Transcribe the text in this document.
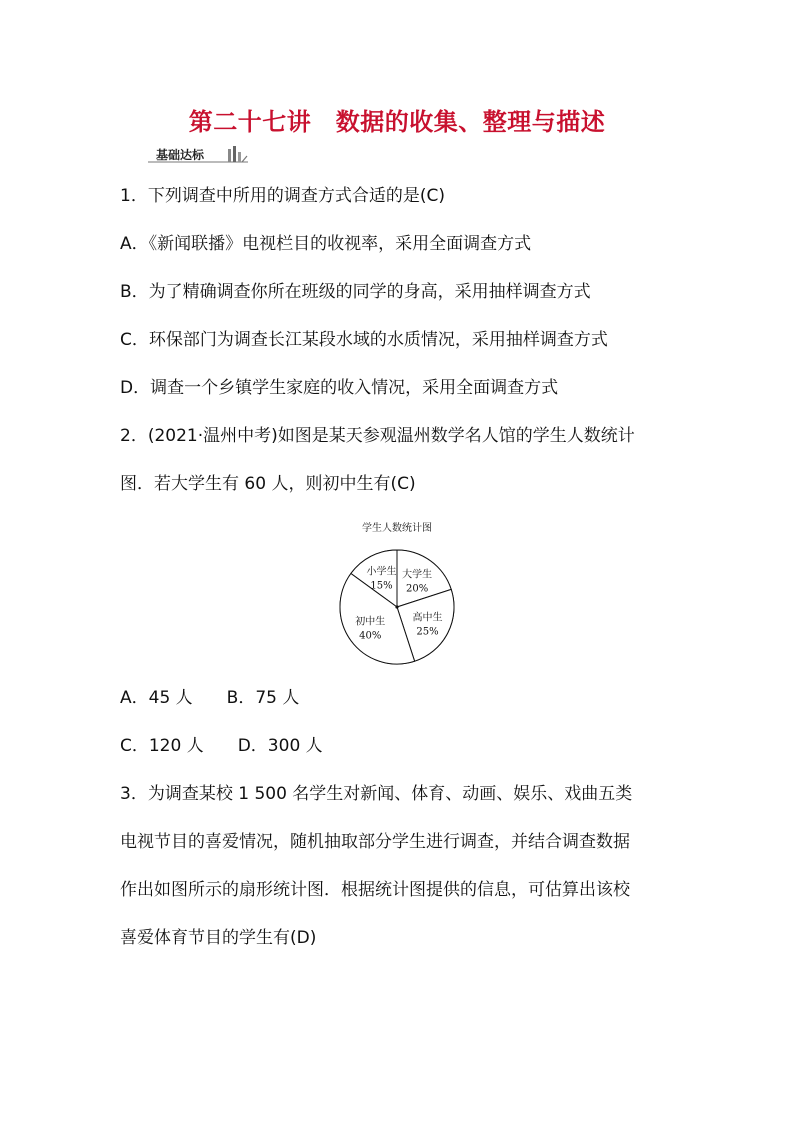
第二十七讲　数据的收集、整理与描述
基础达标
1．下列调查中所用的调查方式合适的是(C)
A．《新闻联播》电视栏目的收视率，采用全面调查方式
B．为了精确调查你所在班级的同学的身高，采用抽样调查方式
C．环保部门为调查长江某段水域的水质情况，采用抽样调查方式
D．调查一个乡镇学生家庭的收入情况，采用全面调查方式
2．(2021·温州中考)如图是某天参观温州数学名人馆的学生人数统计
图．若大学生有 60 人，则初中生有(C)
学生人数统计图
小学生
15%
大学生
20%
高中生
25%
初中生
40%
A．45 人　　B．75 人
C．120 人　　D．300 人
3．为调查某校 1 500 名学生对新闻、体育、动画、娱乐、戏曲五类
电视节目的喜爱情况，随机抽取部分学生进行调查，并结合调查数据
作出如图所示的扇形统计图．根据统计图提供的信息，可估算出该校
喜爱体育节目的学生有(D)
